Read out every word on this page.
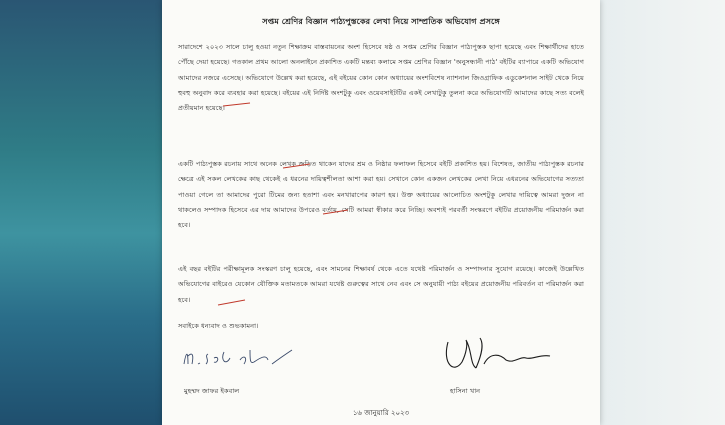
সপ্তম শ্রেণির বিজ্ঞান পাঠ্যপুস্তকের লেখা নিয়ে সাম্প্রতিক অভিযোগ প্রসঙ্গে

সারাদেশে ২০২৩ সালে চালু হওয়া নতুন শিক্ষাক্রম বাস্তবায়নের অংশ হিসেবে ষষ্ঠ ও সপ্তম শ্রেণির বিজ্ঞান পাঠ্যপুস্তক ছাপা হয়েছে এবং শিক্ষার্থীদের হাতে পৌঁছে দেয়া হয়েছে। গতকাল প্রথম আলো অনলাইনে প্রকাশিত একটি মন্তব্য কলামে সপ্তম শ্রেণির বিজ্ঞান 'অনুসন্ধানী পাঠ' বইটির ব্যাপারে একটি অভিযোগ আমাদের নজরে এসেছে। অভিযোগে উল্লেখ করা হয়েছে, এই বইয়ের কোন কোন অধ্যায়ের অংশবিশেষ ন্যাশনাল জিওগ্রাফিক এডুকেশনাল সাইট থেকে নিয়ে হুবহু অনুবাদ করে ব্যবহার করা হয়েছে। বইয়ের এই নির্দিষ্ট অংশটুকু এবং ওয়েবসাইটটির একই লেখাটুকু তুলনা করে অভিযোগটি আমাদের কাছে সত্য বলেই প্রতীয়মান হয়েছে।

একটি পাঠ্যপুস্তক রচনায় সাথে অনেক লেখক জড়িত থাকেন যাদের শ্রম ও নিষ্ঠার ফলাফল হিসেবে বইটি প্রকাশিত হয়। বিশেষত, জাতীয় পাঠ্যপুস্তক রচনার ক্ষেত্রে এই সকল লেখকের কাছ থেকেই এ ধরনের দায়িত্বশীলতা আশা করা হয়। সেখানে কোন একজন লেখকের লেখা নিয়ে এধরনের অভিযোগের সত্যতা পাওয়া গেলে তা আমাদের পুরো টিমের জন্য হতাশা এবং মনখারাপের কারণ হয়। উক্ত অধ্যায়ের আলোচিত অংশটুকু লেখার দায়িত্বে আমরা দুজন না থাকলেও সম্পাদক হিসেবে এর দায় আমাদের উপরেও বর্তায়, সেটি আমরা স্বীকার করে নিচ্ছি। অবশ্যই পরবর্তী সংস্করণে বইটির প্রয়োজনীয় পরিমার্জন করা হবে।

এই বছর বইটির পরীক্ষামূলক সংস্করণ চালু হয়েছে, এবং সামনের শিক্ষাবর্ষ থেকে এতে যথেষ্ট পরিমার্জন ও সম্পাদনার সুযোগ রয়েছে। কাজেই উল্লেখিত অভিযোগের বাইরেও যেকোন যৌক্তিক মতামতকে আমরা যথেষ্ট গুরুত্বের সাথে নেব এবং সে অনুযায়ী পাঠ্য বইয়ের প্রয়োজনীয় পরিবর্তন বা পরিমার্জন করা হবে।

সবাইকে ধন্যবাদ ও শুভকামনা।
মুহম্মদ জাফর ইকবাল	হাসিনা খান
১৬ জানুয়ারি ২০২৩
